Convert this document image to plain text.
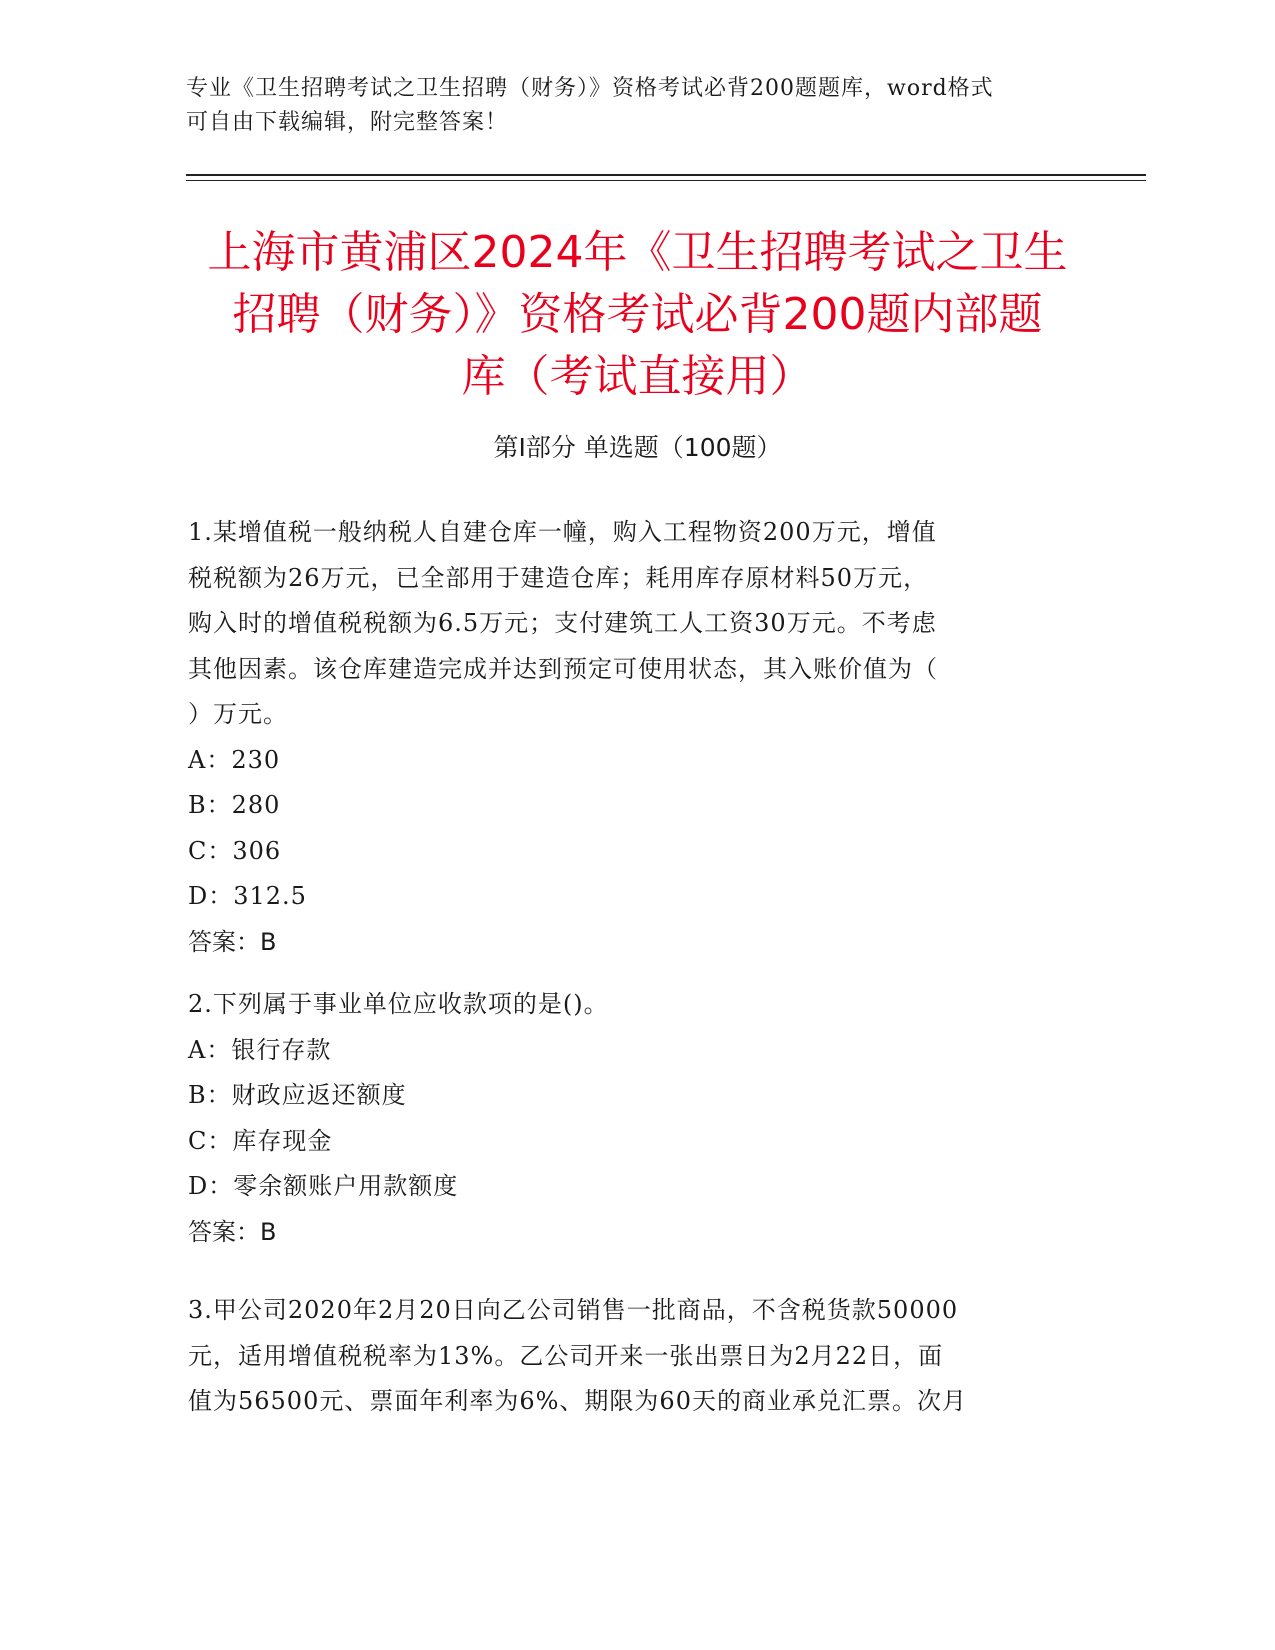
专业《卫生招聘考试之卫生招聘（财务）》资格考试必背200题题库，word格式
可自由下载编辑，附完整答案！
上海市黄浦区2024年《卫生招聘考试之卫生
招聘（财务）》资格考试必背200题内部题
库（考试直接用）
第I部分 单选题（100题）
1.某增值税一般纳税人自建仓库一幢，购入工程物资200万元，增值
税税额为26万元，已全部用于建造仓库；耗用库存原材料50万元，
购入时的增值税税额为6.5万元；支付建筑工人工资30万元。不考虑
其他因素。该仓库建造完成并达到预定可使用状态，其入账价值为（
）万元。
A：230
B：280
C：306
D：312.5
答案：B
2.下列属于事业单位应收款项的是()。
A：银行存款
B：财政应返还额度
C：库存现金
D：零余额账户用款额度
答案：B
3.甲公司2020年2月20日向乙公司销售一批商品，不含税货款50000
元，适用增值税税率为13%。乙公司开来一张出票日为2月22日，面
值为56500元、票面年利率为6%、期限为60天的商业承兑汇票。次月
